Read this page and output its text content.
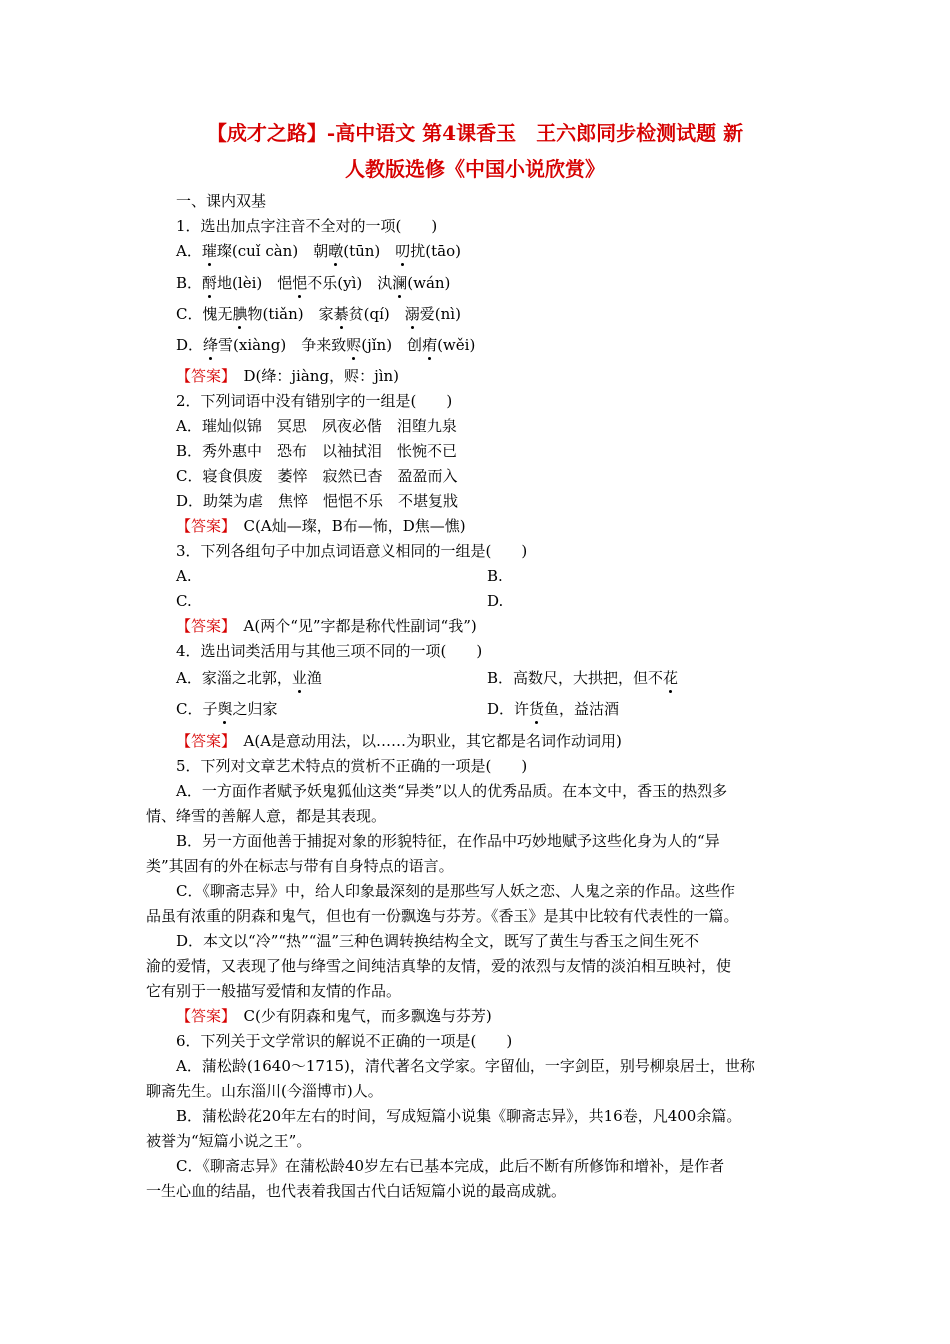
【成才之路】-高中语文 第4课香玉　王六郎同步检测试题 新
人教版选修《中国小说欣赏》
一、课内双基
1．选出加点字注音不全对的一项(　　)
A．璀璨(cuǐ càn)　朝暾(tūn)　叨扰(tāo)
B．酹地(lèi)　悒悒不乐(yì)　汍澜(wán)
C．愧无腆物(tiǎn)　家綦贫(qí)　溺爱(nì)
D．绛雪(xiàng)　争来致赆(jǐn)　创痏(wěi)
【答案】　 D(绛：jiàng，赆：jìn)
2．下列词语中没有错别字的一组是(　　)
A．璀灿似锦　冥思　夙夜必偕　泪堕九泉
B．秀外惠中　恐布　以袖拭泪　怅惋不已
C．寝食俱废　萎悴　寂然已杳　盈盈而入
D．助桀为虐　焦悴　悒悒不乐　不堪复戕
【答案】　 C(A灿—璨，B布—怖，D焦—憔)
3．下列各组句子中加点词语意义相同的一组是(　　)
A.	B.
C.	D.
【答案】　 A(两个“见”字都是称代性副词“我”)
4．选出词类活用与其他三项不同的一项(　　)
A．家淄之北郭，业渔	B．高数尺，大拱把，但不花
C．子舆之归家	D．许货鱼，益沽酒
【答案】　 A(A是意动用法，以……为职业，其它都是名词作动词用)
5．下列对文章艺术特点的赏析不正确的一项是(　　)
A．一方面作者赋予妖鬼狐仙这类“异类”以人的优秀品质。在本文中，香玉的热烈多
情、绛雪的善解人意，都是其表现。
B．另一方面他善于捕捉对象的形貌特征，在作品中巧妙地赋予这些化身为人的“异
类”其固有的外在标志与带有自身特点的语言。
C．《聊斋志异》中，给人印象最深刻的是那些写人妖之恋、人鬼之亲的作品。这些作
品虽有浓重的阴森和鬼气，但也有一份飘逸与芬芳。《香玉》是其中比较有代表性的一篇。
D．本文以“冷”“热”“温”三种色调转换结构全文，既写了黄生与香玉之间生死不
渝的爱情，又表现了他与绛雪之间纯洁真挚的友情，爱的浓烈与友情的淡泊相互映衬，使
它有别于一般描写爱情和友情的作品。
【答案】　 C(少有阴森和鬼气，而多飘逸与芬芳)
6．下列关于文学常识的解说不正确的一项是(　　)
A．蒲松龄(1640～1715)，清代著名文学家。字留仙，一字剑臣，别号柳泉居士，世称
聊斋先生。山东淄川(今淄博市)人。
B．蒲松龄花20年左右的时间，写成短篇小说集《聊斋志异》，共16卷，凡400余篇。
被誉为“短篇小说之王”。
C．《聊斋志异》在蒲松龄40岁左右已基本完成，此后不断有所修饰和增补，是作者
一生心血的结晶，也代表着我国古代白话短篇小说的最高成就。
